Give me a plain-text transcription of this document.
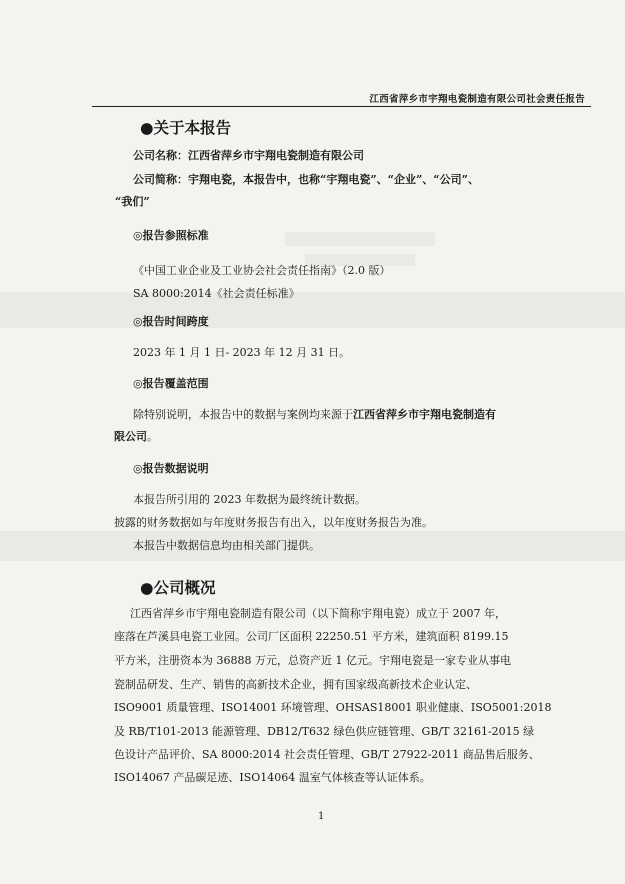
江西省萍乡市宇翔电瓷制造有限公司社会责任报告
●关于本报告
公司名称：江西省萍乡市宇翔电瓷制造有限公司
公司简称：宇翔电瓷，本报告中，也称“宇翔电瓷”、“企业”、“公司”、
“我们”
◎报告参照标准
《中国工业企业及工业协会社会责任指南》（2.0 版）
SA 8000:2014《社会责任标准》
◎报告时间跨度
2023 年 1 月 1 日- 2023 年 12 月 31 日。
◎报告覆盖范围
除特别说明，本报告中的数据与案例均来源于江西省萍乡市宇翔电瓷制造有
限公司。
◎报告数据说明
本报告所引用的 2023 年数据为最终统计数据。
披露的财务数据如与年度财务报告有出入，以年度财务报告为准。
本报告中数据信息均由相关部门提供。
●公司概况
江西省萍乡市宇翔电瓷制造有限公司（以下简称宇翔电瓷）成立于 2007 年，
座落在芦溪县电瓷工业园。公司厂区面积 22250.51 平方米，建筑面积 8199.15
平方米，注册资本为 36888 万元，总资产近 1 亿元。宇翔电瓷是一家专业从事电
瓷制品研发、生产、销售的高新技术企业，拥有国家级高新技术企业认定、
ISO9001 质量管理、ISO14001 环境管理、OHSAS18001 职业健康、ISO5001:2018
及 RB/T101-2013 能源管理、DB12/T632 绿色供应链管理、GB/T 32161-2015 绿
色设计产品评价、SA 8000:2014 社会责任管理、GB/T 27922-2011 商品售后服务、
ISO14067 产品碳足迹、ISO14064 温室气体核查等认证体系。
1
